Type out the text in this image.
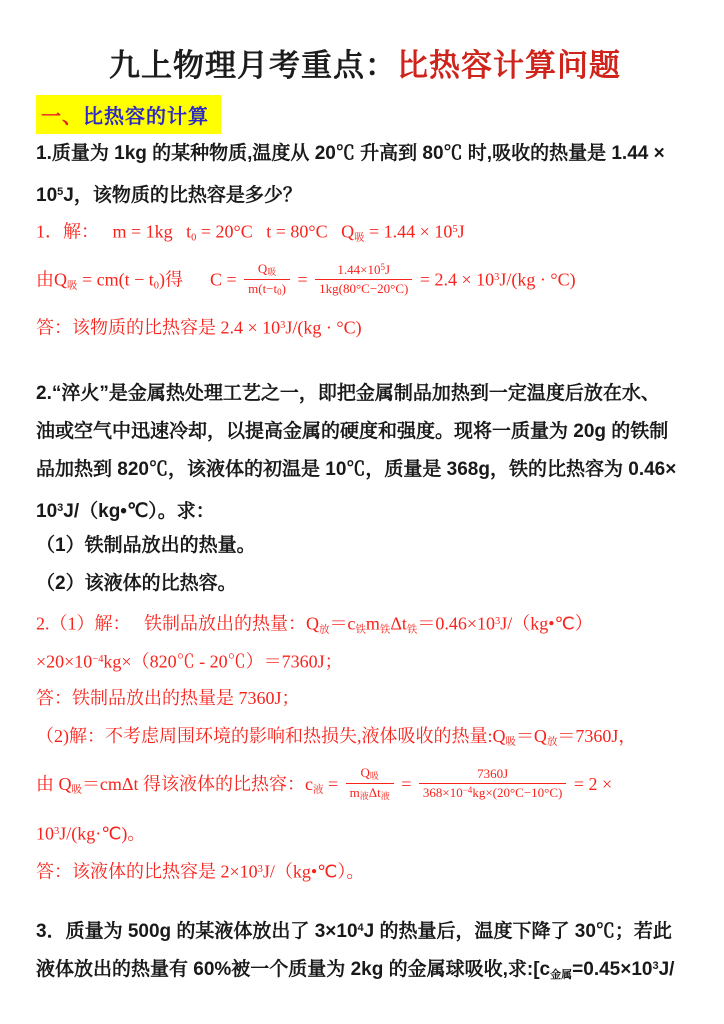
九上物理月考重点：比热容计算问题
一、比热容的计算
1.质量为 1kg 的某种物质,温度从 20℃ 升高到 80℃ 时,吸收的热量是 1.44 ×
$10^5J$，该物质的比热容是多少？
1．解：   m = 1kg   t0 = 20°C   t = 80°C   Q吸 = $1.44 \times 10^5J$
由Q吸 = cm(t − t0)得      $C = \frac{\text{Q吸}}{m(t-t0)} = \frac{1.44\times 10^5J}{1kg(80^\circ C-20^\circ C)} = 2.4 \times 10^3J/(kg \cdot ^\circ C)$
答：该物质的比热容是 $2.4 \times 10^3J/(kg \cdot ^\circ C)$
2.“淬火”是金属热处理工艺之一，即把金属制品加热到一定温度后放在水、
油或空气中迅速冷却，以提高金属的硬度和强度。现将一质量为 20g 的铁制
品加热到 820℃，该液体的初温是 10℃，质量是 368g，铁的比热容为 0.46×
$10^3J/(kg•℃)$。求：
（1）铁制品放出的热量。
（2）该液体的比热容。
2.（1）解：   铁制品放出的热量：Q放＝c铁m铁Δt铁$=0.46\times 10^3J/(kg•℃)$
$\times 20\times 10^{-4}kg\times(820℃$ - 20℃）＝7360J；
答：铁制品放出的热量是 7360J；
（2)解：不考虑周围环境的影响和热损失,液体吸收的热量:Q吸＝Q放＝7360J，
由 Q吸＝cmΔt 得该液体的比热容：c液 = $\frac{\text{Q吸}}{\text{m液Δt液}} = \frac{7360J}{368\times 10^{-4}kg\times(20^\circ C-10^\circ C)} = 2$ ×
$10^3J/(kg\cdot℃)$。
答：该液体的比热容是 $2\times 10^3J/(kg•℃)$。
3．质量为 500g 的某液体放出了 $3\times 10^4J$ 的热量后，温度下降了 30℃；若此
液体放出的热量有 60%被一个质量为 2kg 的金属球吸收,求:[c金属$=0.45\times 10^3J/$
